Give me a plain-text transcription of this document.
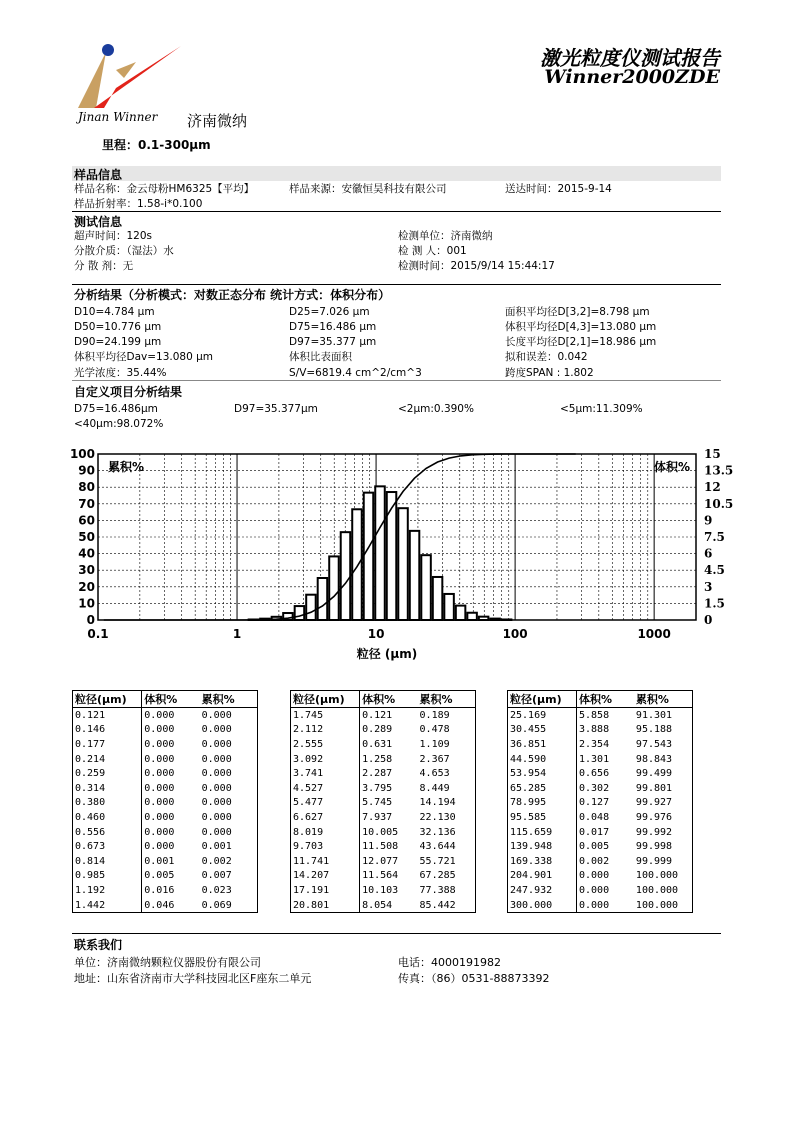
Jinan Winner 济南微纳
激光粒度仪测试报告
Winner2000ZDE
里程：0.1-300μm
样品信息
样品名称：金云母粉HM6325【平均】	样品来源：安徽恒昊科技有限公司	送达时间：2015-9-14
样品折射率：1.58-i*0.100
测试信息
超声时间：120s
分散介质：（湿法）水
分 散 剂：无
检测单位：济南微纳
检 测 人：001
检测时间：2015/9/14 15:44:17
分析结果（分析模式：对数正态分布 统计方式：体积分布）
D10=4.784 μm	D25=7.026 μm	面积平均径D[3,2]=8.798 μm
D50=10.776 μm	D75=16.486 μm	体积平均径D[4,3]=13.080 μm
D90=24.199 μm	D97=35.377 μm	长度平均径D[2,1]=18.986 μm
体积平均径Dav=13.080 μm	体积比表面积	拟和误差：0.042
光学浓度：35.44%	S/V=6819.4 cm^2/cm^3	跨度SPAN : 1.802
自定义项目分析结果
D75=16.486μm	D97=35.377μm	<2μm:0.390%	<5μm:11.309%
<40μm:98.072%
0
10
20
30
40
50
60
70
80
90
100
0
1.5
3
4.5
6
7.5
9
10.5
12
13.5
15
0.1	1	10	100	1000
粒径 (μm)
累积%	体积%
粒径(μm)	体积%	累积%
0.121	0.000	0.000
0.146	0.000	0.000
0.177	0.000	0.000
0.214	0.000	0.000
0.259	0.000	0.000
0.314	0.000	0.000
0.380	0.000	0.000
0.460	0.000	0.000
0.556	0.000	0.000
0.673	0.000	0.001
0.814	0.001	0.002
0.985	0.005	0.007
1.192	0.016	0.023
1.442	0.046	0.069
粒径(μm)	体积%	累积%
1.745	0.121	0.189
2.112	0.289	0.478
2.555	0.631	1.109
3.092	1.258	2.367
3.741	2.287	4.653
4.527	3.795	8.449
5.477	5.745	14.194
6.627	7.937	22.130
8.019	10.005	32.136
9.703	11.508	43.644
11.741	12.077	55.721
14.207	11.564	67.285
17.191	10.103	77.388
20.801	8.054	85.442
粒径(μm)	体积%	累积%
25.169	5.858	91.301
30.455	3.888	95.188
36.851	2.354	97.543
44.590	1.301	98.843
53.954	0.656	99.499
65.285	0.302	99.801
78.995	0.127	99.927
95.585	0.048	99.976
115.659	0.017	99.992
139.948	0.005	99.998
169.338	0.002	99.999
204.901	0.000	100.000
247.932	0.000	100.000
300.000	0.000	100.000
联系我们
单位：济南微纳颗粒仪器股份有限公司	电话：4000191982
地址：山东省济南市大学科技园北区F座东二单元	传真：（86）0531-88873392
